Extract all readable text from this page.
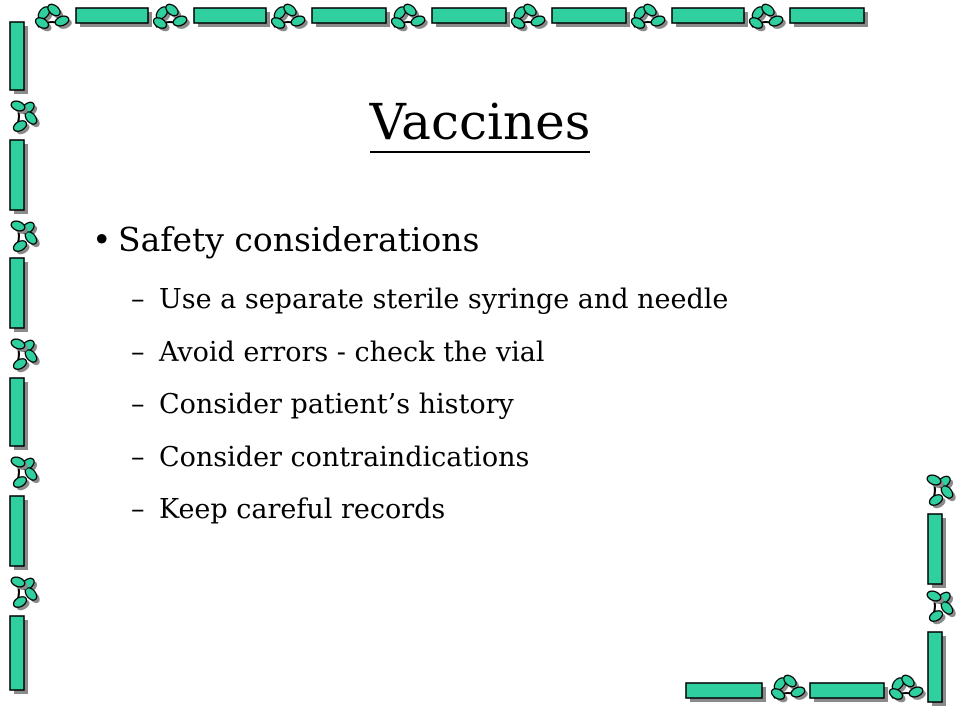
Vaccines
• Safety considerations
– Use a separate sterile syringe and needle
– Avoid errors - check the vial
– Consider patient’s history
– Consider contraindications
– Keep careful records
